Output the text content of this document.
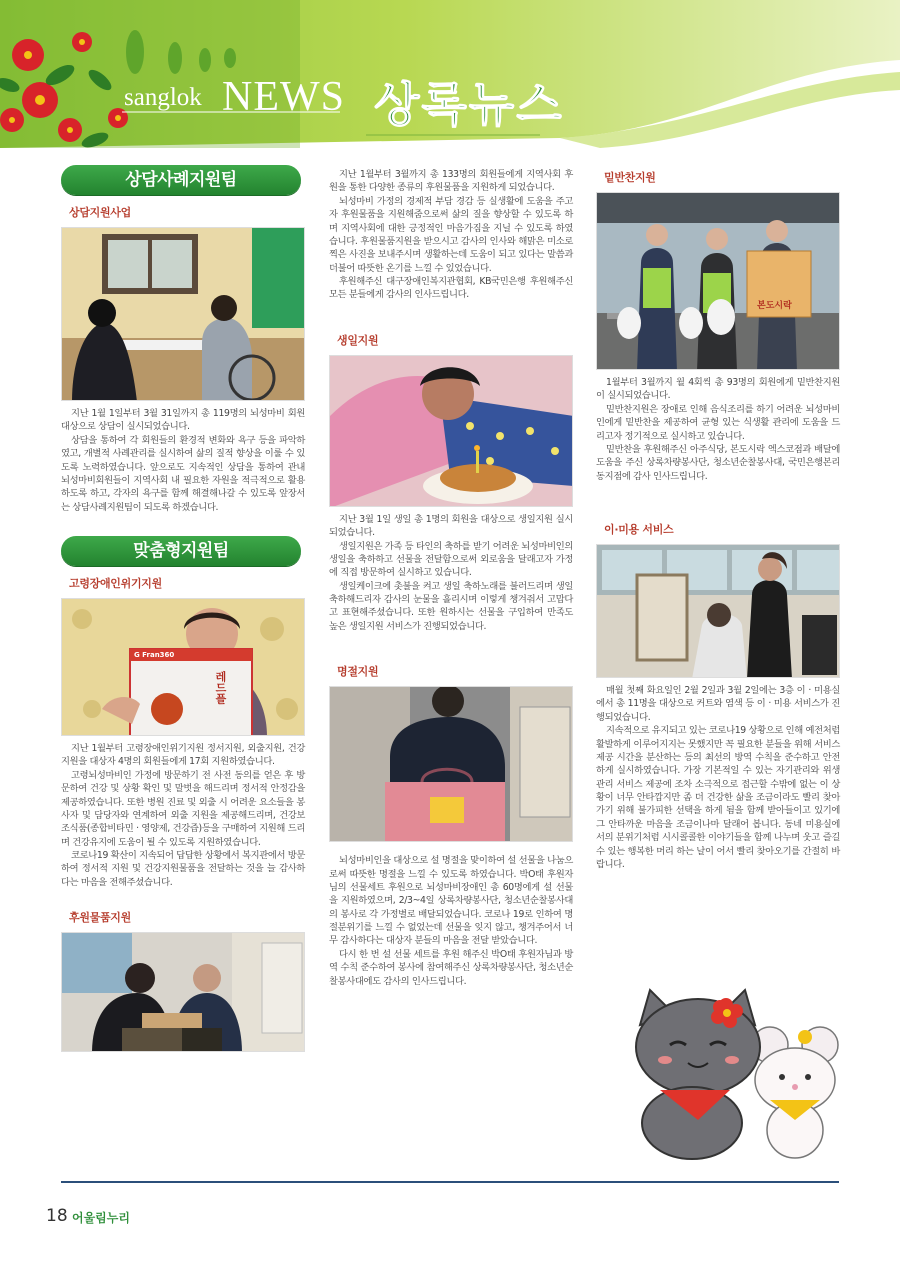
sanglok NEWS 상록뉴스
상담사례지원팀
상담지원사업

지난 1월 1일부터 3월 31일까지 총 119명의 뇌성마비 회원 대상으로 상담이 실시되었습니다.

상담을 통하여 각 회원들의 환경적 변화와 욕구 등을 파악하였고, 개별적 사례관리를 실시하여 삶의 질적 향상을 이룰 수 있도록 노력하였습니다. 앞으로도 지속적인 상담을 통하여 관내 뇌성마비회원들이 지역사회 내 필요한 자원을 적극적으로 활용하도록 하고, 각자의 욕구를 함께 해결해나갈 수 있도록 앞장서는 상담사례지원팀이 되도록 하겠습니다.

맞춤형지원팀
고령장애인위기지원
G Fran360
레드플

지난 1월부터 고령장애인위기지원 정서지원, 외출지원, 건강지원을 대상자 4명의 회원들에게 17회 지원하였습니다.

고령뇌성마비인 가정에 방문하기 전 사전 동의를 얻은 후 방문하여 건강 및 상황 확인 및 말벗을 해드리며 정서적 안정감을 제공하였습니다. 또한 병원 진료 및 외출 시 어려운 요소들을 봉사자 및 담당자와 연계하여 외출 지원을 제공해드리며, 건강보조식품(종합비타민 · 영양제, 건강즙)등을 구매하여 지원해 드리며 건강유지에 도움이 될 수 있도록 지원하였습니다.

코로나19 확산이 지속되어 답답한 상황에서 복지관에서 방문하여 정서적 지원 및 건강지원물품을 전달하는 것을 늘 감사하다는 마음을 전해주셨습니다.

후원물품지원

지난 1월부터 3월까지 총 133명의 회원들에게 지역사회 후원을 통한 다양한 종류의 후원물품을 지원하게 되었습니다.

뇌성마비 가정의 경제적 부담 경감 등 실생활에 도움을 주고자 후원물품을 지원해줌으로써 삶의 질을 향상할 수 있도록 하며 지역사회에 대한 긍정적인 마음가짐을 지닐 수 있도록 하였습니다. 후원물품지원을 받으시고 감사의 인사와 해맑은 미소로 찍은 사진을 보내주시며 생활하는데 도움이 되고 있다는 말씀과 더불어 따뜻한 온기를 느낄 수 있었습니다.

후원해주신 대구장애인복지관협회, KB국민은행 후원해주신 모든 분들에게 감사의 인사드립니다.

생일지원

지난 3월 1일 생일 총 1명의 회원을 대상으로 생일지원 실시되었습니다.

생일지원은 가족 등 타인의 축하를 받기 어려운 뇌성마비인의 생일을 축하하고 선물을 전달함으로써 외로움을 달래고자 가정에 직접 방문하여 실시하고 있습니다.

생일케이크에 촛불을 켜고 생일 축하노래를 불러드리며 생일 축하해드리자 감사의 눈물을 흘리시며 이렇게 챙겨줘서 고맙다고 표현해주셨습니다. 또한 원하시는 선물을 구입하여 만족도 높은 생일지원 서비스가 진행되었습니다.

명절지원

뇌성마비인을 대상으로 설 명절을 맞이하여 설 선물을 나눔으로써 따뜻한 명절을 느낄 수 있도록 하였습니다. 박O태 후원자님의 선물세트 후원으로 뇌성마비장애인 총 60명에게 설 선물을 지원하였으며, 2/3~4일 상록차량봉사단, 청소년순찰봉사대의 봉사로 각 가정별로 배달되었습니다. 코로나 19로 인하여 명절분위기를 느낄 수 없었는데 선물을 잊지 않고, 챙겨주어서 너무 감사하다는 대상자 분들의 마음을 전달 받았습니다.

다시 한 번 설 선물 세트를 후원 해주신 박O태 후원자님과 방역 수칙 준수하여 봉사에 참여해주신 상록차량봉사단, 청소년순찰봉사대에도 감사의 인사드립니다.

밑반찬지원
본도시락

1월부터 3월까지 월 4회씩 총 93명의 회원에게 밑반찬지원이 실시되었습니다.

밑반찬지원은 장애로 인해 음식조리를 하기 어려운 뇌성마비인에게 밑반찬을 제공하여 균형 있는 식생활 관리에 도움을 드리고자 정기적으로 실시하고 있습니다.

밑반찬을 후원해주신 아주식당, 본도시락 엑스코점과 배달에 도움을 주신 상록차량봉사단, 청소년순찰봉사대, 국민은행본리동지점에 감사 인사드립니다.

이·미용 서비스

매월 첫째 화요일인 2월 2일과 3월 2일에는 3층 이 · 미용실에서 총 11명을 대상으로 커트와 염색 등 이 · 미용 서비스가 진행되었습니다.

지속적으로 유지되고 있는 코로나19 상황으로 인해 예전처럼 활발하게 이루어지지는 못했지만 꼭 필요한 분들을 위해 서비스 제공 시간을 분산하는 등의 최선의 방역 수칙을 준수하고 안전하게 실시하였습니다. 가장 기본적일 수 있는 자기관리와 위생관리 서비스 제공에 조차 소극적으로 접근할 수밖에 없는 이 상황이 너무 안타깝지만 좀 더 건강한 삶을 조금이라도 빨리 찾아가기 위해 불가피한 선택을 하게 됨을 함께 받아들이고 있기에 그 안타까운 마음을 조금이나마 달래어 봅니다. 동네 미용실에서의 분위기처럼 시시콜콜한 이야기들을 함께 나누며 웃고 즐길 수 있는 행복한 머리 하는 날이 어서 빨리 찾아오기를 간절히 바랍니다.

18 어울림누리
